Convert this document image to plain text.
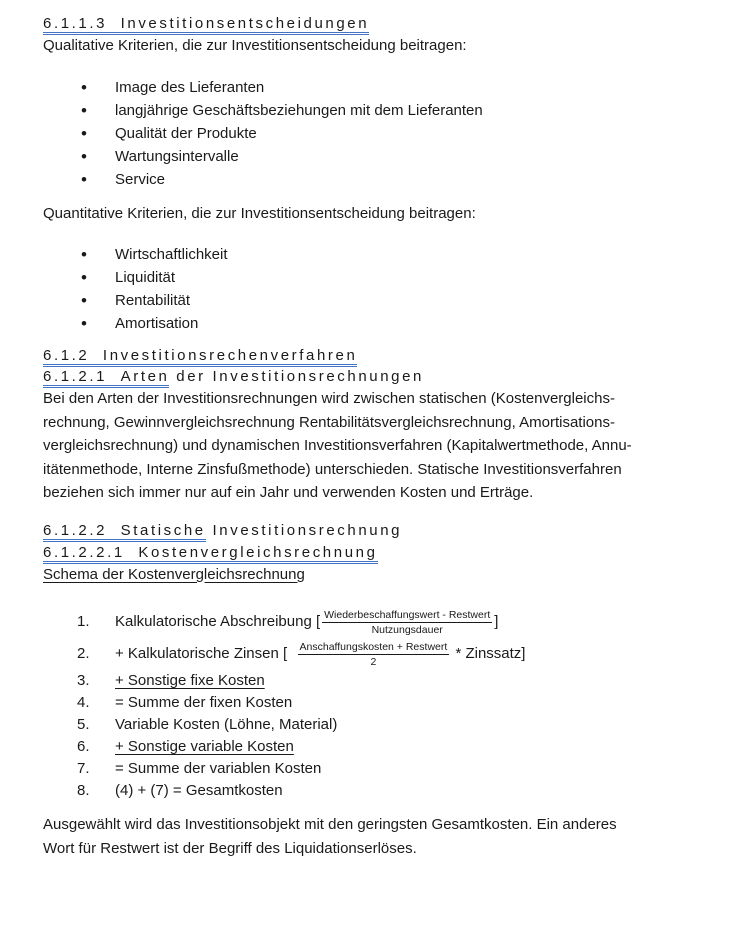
6.1.1.3 Investitionsentscheidungen

Qualitative Kriterien, die zur Investitionsentscheidung beitragen:

• Image des Lieferanten
• langjährige Geschäftsbeziehungen mit dem Lieferanten
• Qualität der Produkte
• Wartungsintervalle
• Service

Quantitative Kriterien, die zur Investitionsentscheidung beitragen:

• Wirtschaftlichkeit
• Liquidität
• Rentabilität
• Amortisation
6.1.2 Investitionsrechenverfahren
6.1.2.1 Arten der Investitionsrechnungen

Bei den Arten der Investitionsrechnungen wird zwischen statischen (Kostenvergleichs-

rechnung, Gewinnvergleichsrechnung Rentabilitätsvergleichsrechnung, Amortisations-

vergleichsrechnung) und dynamischen Investitionsverfahren (Kapitalwertmethode, Annu-

itätenmethode, Interne Zinsfußmethode) unterschieden. Statische Investitionsverfahren

beziehen sich immer nur auf ein Jahr und verwenden Kosten und Erträge.

6.1.2.2 Statische Investitionsrechnung
6.1.2.2.1 Kostenvergleichsrechnung

Schema der Kostenvergleichsrechnung

1. Kalkulatorische Abschreibung [ $\frac{\text{Wiederbeschaffungswert - Restwert}}{\text{Nutzungsdauer}}$ ]
2. + Kalkulatorische Zinsen [ $\frac{\text{Anschaffungskosten + Restwert}}{2}$ * Zinssatz]
3. + Sonstige fixe Kosten
4. = Summe der fixen Kosten
5. Variable Kosten (Löhne, Material)
6. + Sonstige variable Kosten
7. = Summe der variablen Kosten
8. (4) + (7) = Gesamtkosten

Ausgewählt wird das Investitionsobjekt mit den geringsten Gesamtkosten. Ein anderes

Wort für Restwert ist der Begriff des Liquidationserlöses.
